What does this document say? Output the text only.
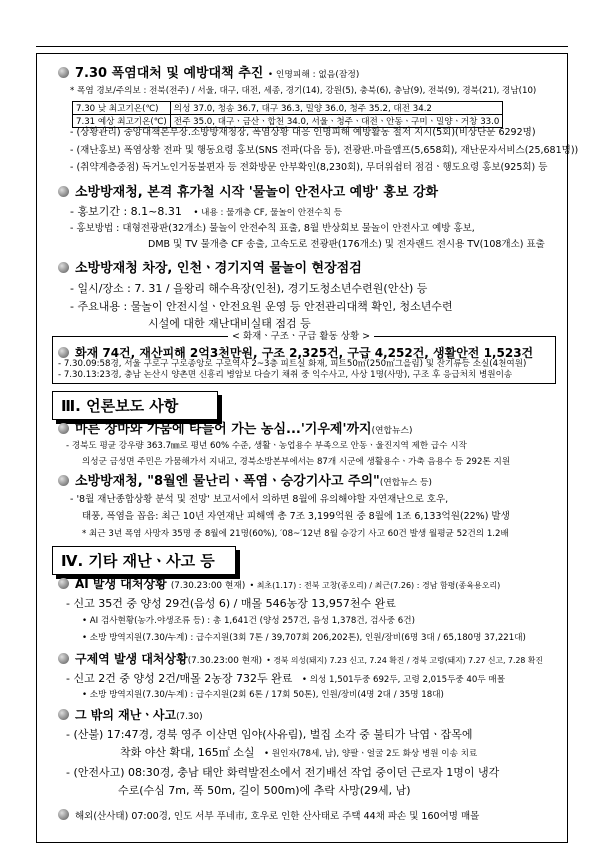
7.30 폭염대처 및 예방대책 추진 • 인명피해 : 없음(잠정)
* 폭염 경보/주의보 : 전북(전주) / 서울, 대구, 대전, 세종, 경기(14), 강원(5), 충북(6), 충남(9), 전북(9), 경북(21), 경남(10)
7.30 낮 최고기온(℃)	의성 37.0, 청송 36.7, 대구 36.3, 밀양 36.0, 청주 35.2, 대전 34.2
7.31 예상 최고기온(℃)	전주 35.0, 대구ㆍ금산ㆍ합천 34.0, 서울ㆍ청주ㆍ대전ㆍ안동ㆍ구미ㆍ밀양ㆍ거창 33.0
- (상황관리) 중앙대책본부장․소방방재청장, 폭염상황 대응 인명피해 예방활동 철저 지시(5회)(비상단문 6292명)
- (재난홍보) 폭염상황 전파 및 행동요령 홍보(SNS 전파(다음 등), 전광판․마을앰프(5,658회), 재난문자서비스(25,681명))
- (취약계층중점) 독거노인거동불편자 등 전화방문 안부확인(8,230회), 무더위쉼터 점검ㆍ행도요령 홍보(925회) 등
소방방재청, 본격 휴가철 시작 '물놀이 안전사고 예방' 홍보 강화
- 홍보기간 : 8.1~8.31 • 내용 : 물개층 CF, 물놀이 안전수칙 등
- 홍보방법 : 대형전광판(32개소) 물놀이 안전수칙 표출, 8월 반상회보 물놀이 안전사고 예방 홍보,
DMB 및 TV 물개층 CF 송출, 고속도로 전광판(176개소) 및 전자랜드 전시용 TV(108개소) 표출
소방방재청 차장, 인천ㆍ경기지역 물놀이 현장점검
- 일시/장소 : 7. 31 / 을왕리 해수욕장(인천), 경기도청소년수련원(안산) 등
- 주요내용 : 물놀이 안전시설ㆍ안전요원 운영 등 안전관리대책 확인, 청소년수련
시설에 대한 재난대비실태 점검 등
< 화재ㆍ구조ㆍ구급 활동 상황 >
화재 74건, 재산피해 2억3천만원, 구조 2,325건, 구급 4,252건, 생활안전 1,523건
- 7.30.09:58경, 서울 구로구 구로종앙로 구로역사 2~3층 피트실 화재, 피트50㎡(250㎡그을림) 및 잔기류등 소실(4천여원)
- 7.30.13:23경, 충남 논산시 양촌면 신흥리 병암보 다슬기 채취 중 익수사고, 사상 1명(사망), 구조 후 응급처치 병원이송
Ⅲ. 언론보도 사항
마른 장마와 가뭄에 타들어 가는 농심...'기우제'까지(연합뉴스)
- 경북도 평균 강우량 363.7㎜로 평년 60% 수준, 생활ㆍ농업용수 부족으로 안동ㆍ울진지역 제한 급수 시작
의성군 금성면 주민은 가뭄해가서 지내고, 경북소방본부에서는 87개 시군에 생활용수ㆍ가축 음용수 등 292톤 지원
소방방재청, "8월엔 물난리ㆍ폭염ㆍ승강기사고 주의"(연합뉴스 등)
- '8월 재난종합상황 분석 및 전망' 보고서에서 의하면 8월에 유의해야할 자연재난으로 호우,
태풍, 폭염을 꼽음: 최근 10년 자연재난 피해액 총 7조 3,199억원 중 8월에 1조 6,133억원(22%) 발생
* 최근 3년 폭염 사망자 35명 중 8월에 21명(60%), ′08~′12년 8월 승강기 사고 60건 발생 월평균 52건의 1.2배
Ⅳ. 기타 재난ㆍ사고 등
AI 발생 대처상황 (7.30.23:00 현재) • 최초(1.17) : 전북 고창(종오리) / 최근(7.26) : 경남 함평(종육용오리)
- 신고 35건 중 양성 29건(음성 6) / 매몰 546농장 13,957천수 완료
• AI 검사현황(농가․야생조류 등) : 총 1,641건 (양성 257건, 음성 1,378건, 검사중 6건)
• 소방 방역지원(7.30/누계) : 급수지원(3회 7톤 / 39,707회 206,202톤), 인원/장비(6명 3대 / 65,180명 37,221대)
구제역 발생 대처상황(7.30.23:00 현재) • 경북 의성(돼지) 7.23 신고, 7.24 확진 / 경북 고령(돼지) 7.27 신고, 7.28 확진
- 신고 2건 중 양성 2건/매몰 2농장 732두 완료 • 의성 1,501두중 692두, 고령 2,015두중 40두 매몰
• 소방 방역지원(7.30/누계) : 급수지원(2회 6톤 / 17회 50톤), 인원/장비(4명 2대 / 35명 18대)
그 밖의 재난ㆍ사고(7.30)
- (산불) 17:47경, 경북 영주 이산면 임야(사유림), 벌집 소각 중 불티가 낙엽ㆍ잡목에
착화 야산 확대, 165㎡ 소실 • 원인자(78세, 남), 양팔ㆍ얼굴 2도 화상 병원 이송 치료
- (안전사고) 08:30경, 충남 태안 화력발전소에서 전기배선 작업 중이던 근로자 1명이 냉각
수로(수심 7m, 폭 50m, 길이 500m)에 추락 사망(29세, 남)
해외(산사태) 07:00경, 인도 서부 푸네市, 호우로 인한 산사태로 주택 44채 파손 및 160여명 매몰
